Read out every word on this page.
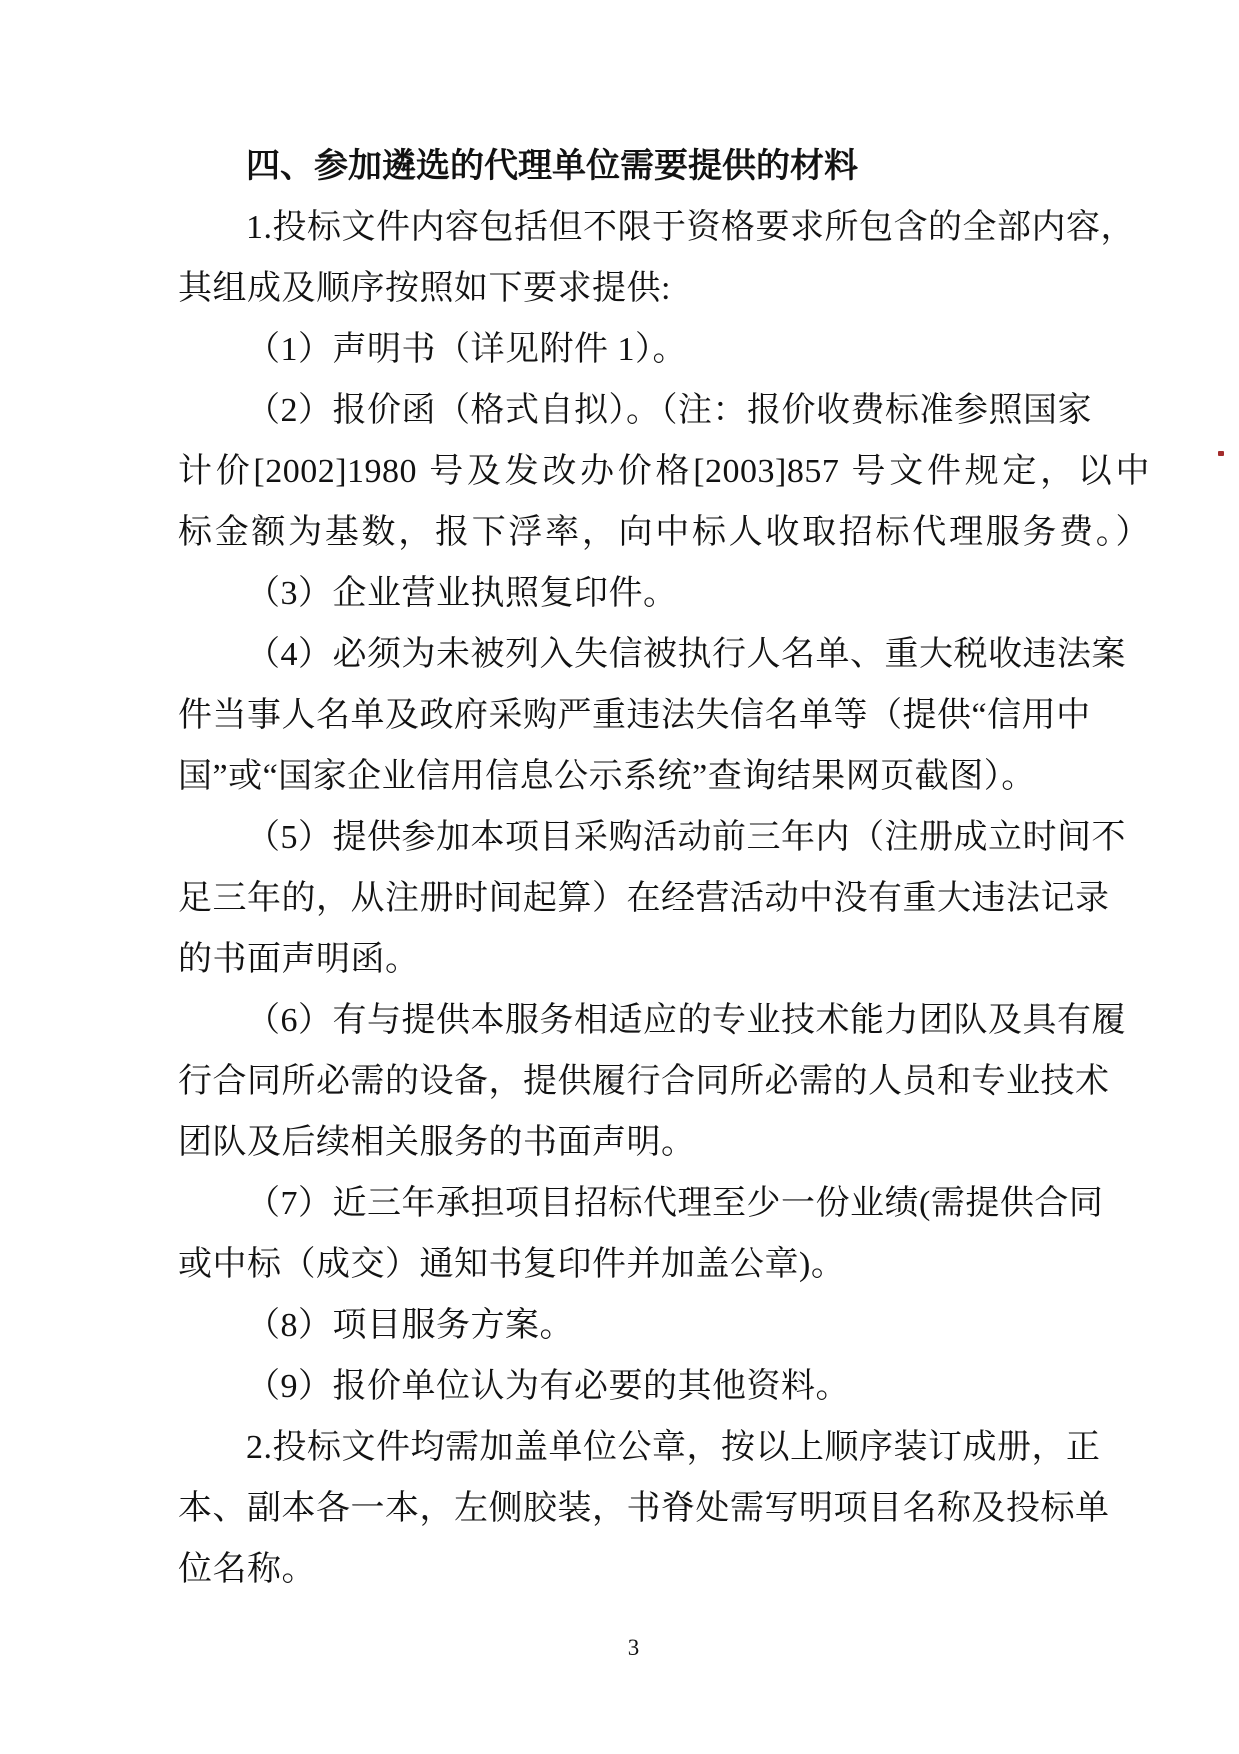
四、参加遴选的代理单位需要提供的材料

1.投标文件内容包括但不限于资格要求所包含的全部内容，

其组成及顺序按照如下要求提供:

（1）声明书（详见附件 1）。

（2）报价函（格式自拟）。（注：报价收费标准参照国家

计价[2002]1980 号及发改办价格[2003]857 号文件规定，以中

标金额为基数，报下浮率，向中标人收取招标代理服务费。）

（3）企业营业执照复印件。

（4）必须为未被列入失信被执行人名单、重大税收违法案

件当事人名单及政府采购严重违法失信名单等（提供“信用中

国”或“国家企业信用信息公示系统”查询结果网页截图）。

（5）提供参加本项目采购活动前三年内（注册成立时间不

足三年的，从注册时间起算）在经营活动中没有重大违法记录

的书面声明函。

（6）有与提供本服务相适应的专业技术能力团队及具有履

行合同所必需的设备，提供履行合同所必需的人员和专业技术

团队及后续相关服务的书面声明。

（7）近三年承担项目招标代理至少一份业绩(需提供合同

或中标（成交）通知书复印件并加盖公章)。

（8）项目服务方案。

（9）报价单位认为有必要的其他资料。

2.投标文件均需加盖单位公章，按以上顺序装订成册，正

本、副本各一本，左侧胶装，书脊处需写明项目名称及投标单

位名称。

3
